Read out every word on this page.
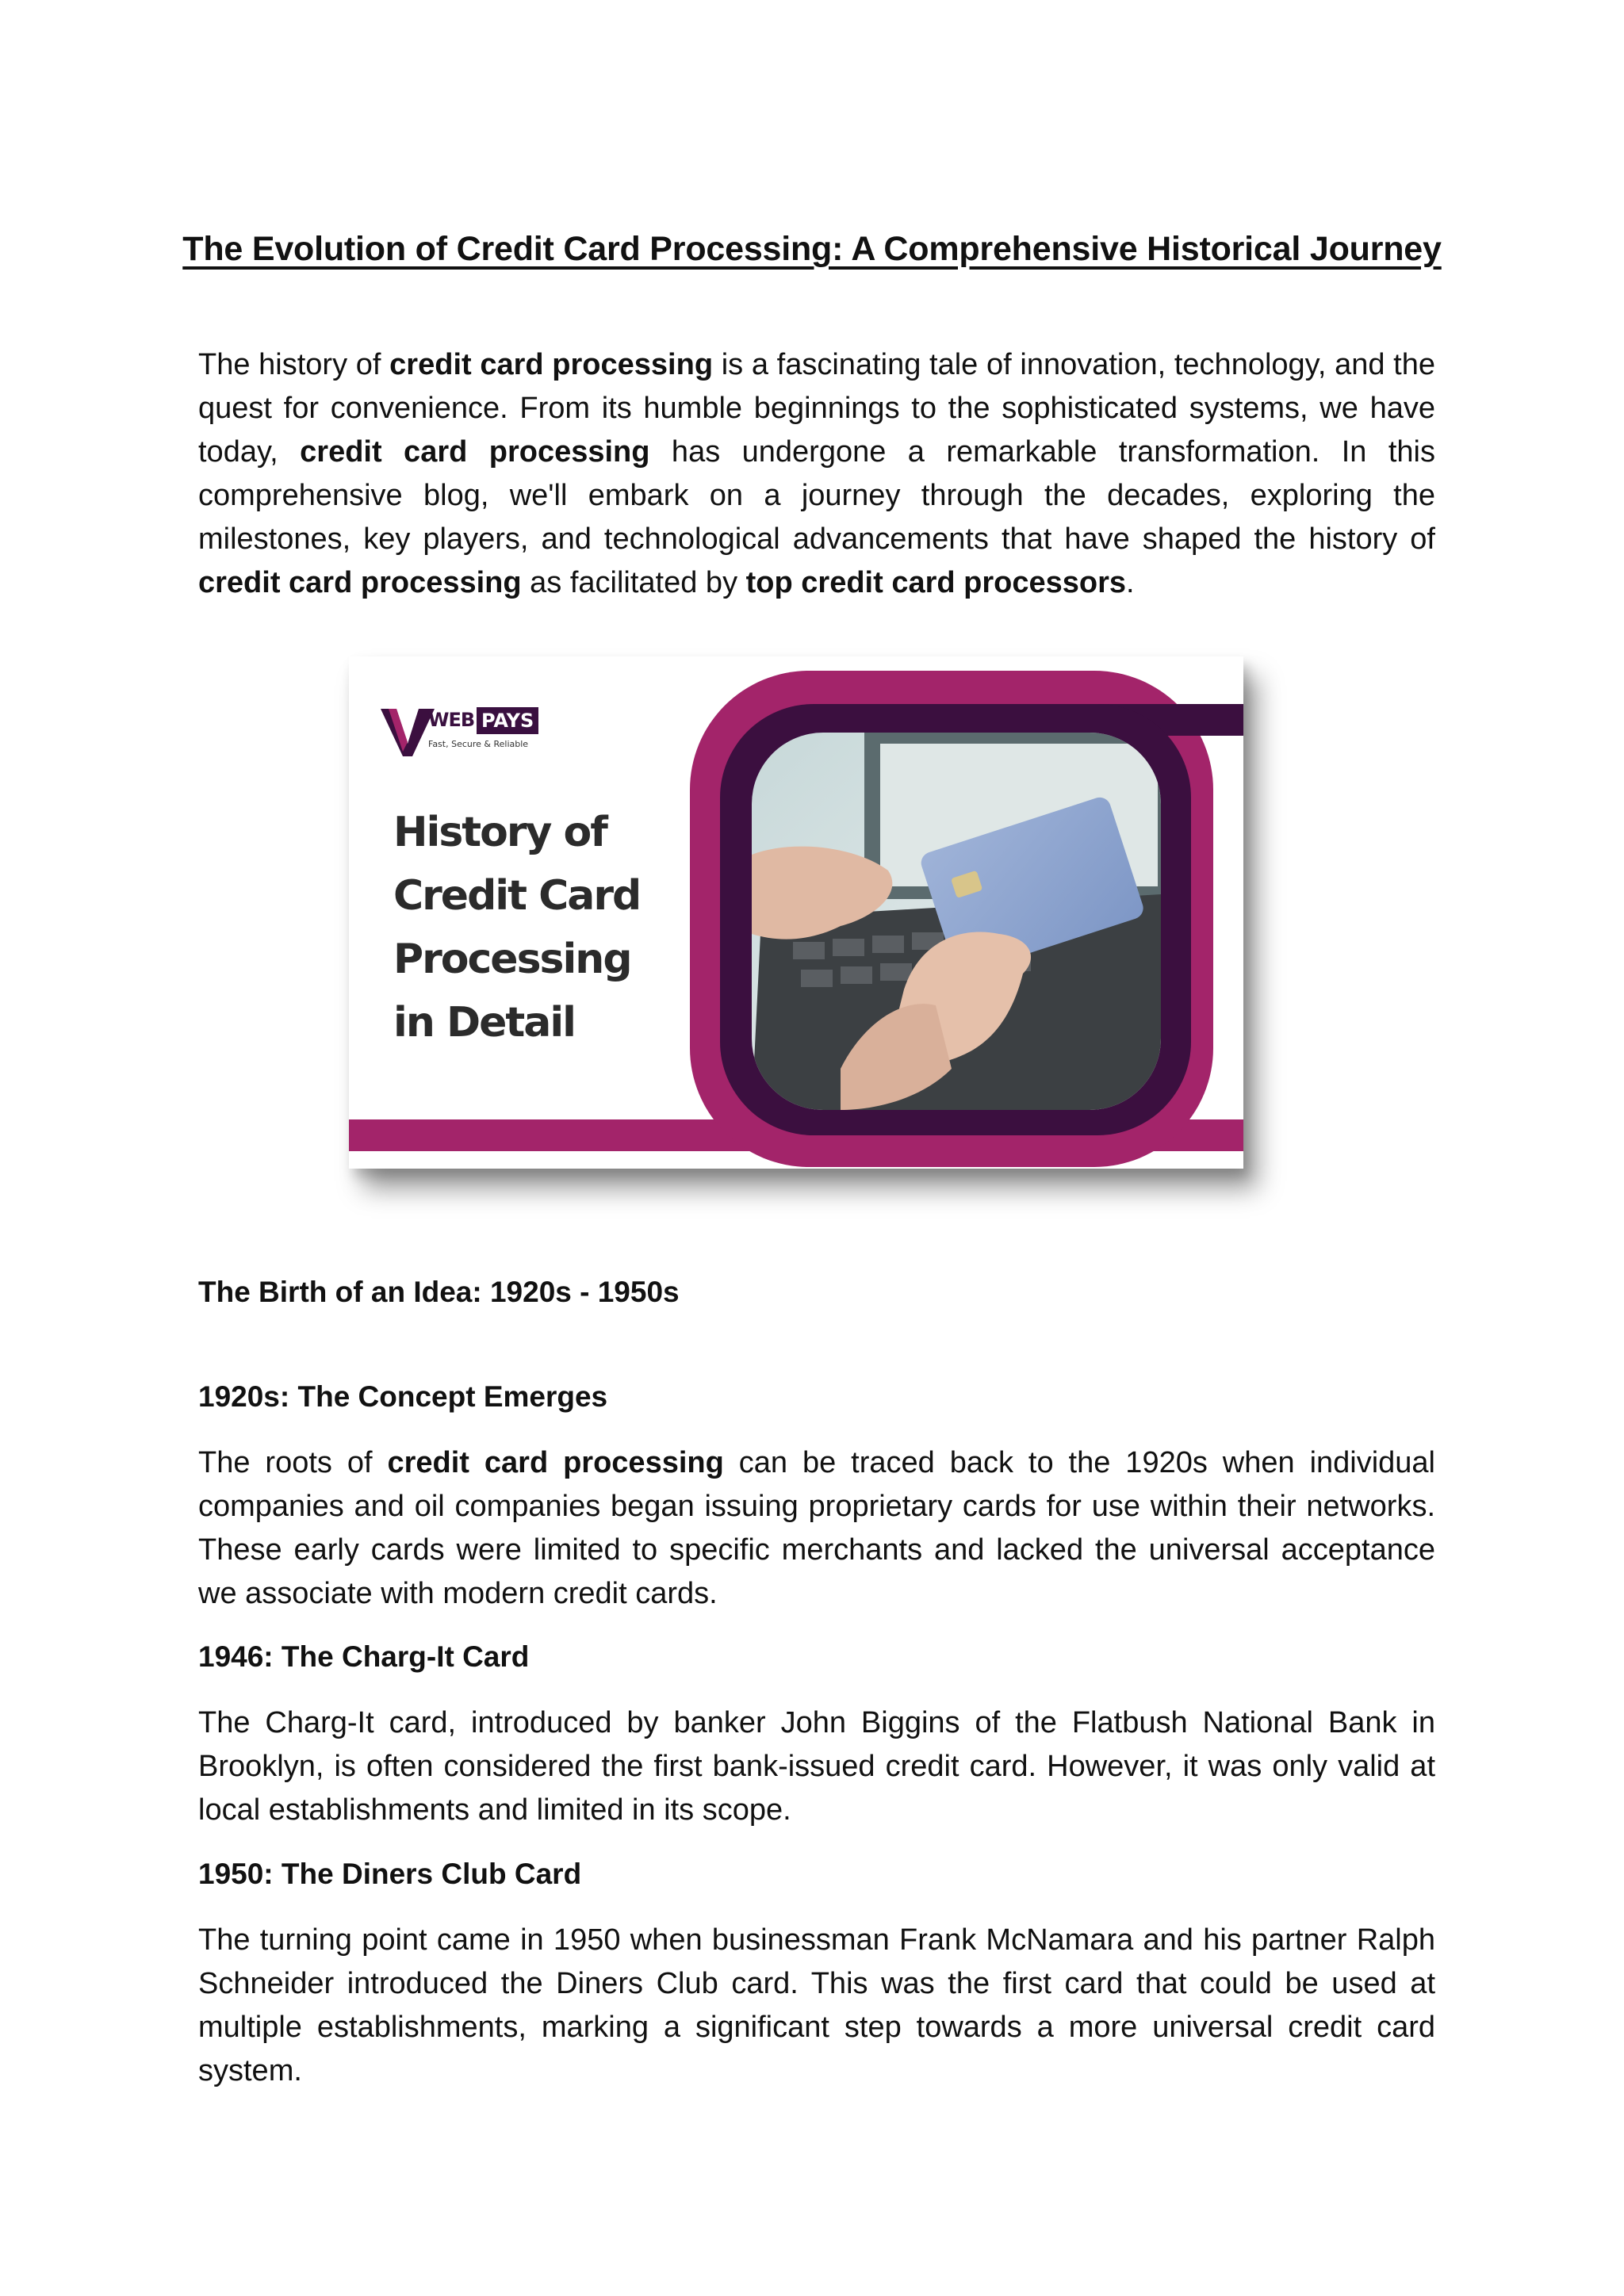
The Evolution of Credit Card Processing: A Comprehensive Historical Journey

The history of credit card processing is a fascinating tale of innovation, technology, and the quest for convenience. From its humble beginnings to the sophisticated systems, we have today, credit card processing has undergone a remarkable transformation. In this comprehensive blog, we'll embark on a journey through the decades, exploring the milestones, key players, and technological advancements that have shaped the history of credit card processing as facilitated by top credit card processors.

WEB PAYS
Fast, Secure & Reliable
History of
Credit Card
Processing
in Detail
The Birth of an Idea: 1920s - 1950s
1920s: The Concept Emerges

The roots of credit card processing can be traced back to the 1920s when individual companies and oil companies began issuing proprietary cards for use within their networks. These early cards were limited to specific merchants and lacked the universal acceptance we associate with modern credit cards.

1946: The Charg-It Card

The Charg-It card, introduced by banker John Biggins of the Flatbush National Bank in Brooklyn, is often considered the first bank-issued credit card. However, it was only valid at local establishments and limited in its scope.

1950: The Diners Club Card

The turning point came in 1950 when businessman Frank McNamara and his partner Ralph Schneider introduced the Diners Club card. This was the first card that could be used at multiple establishments, marking a significant step towards a more universal credit card system.
